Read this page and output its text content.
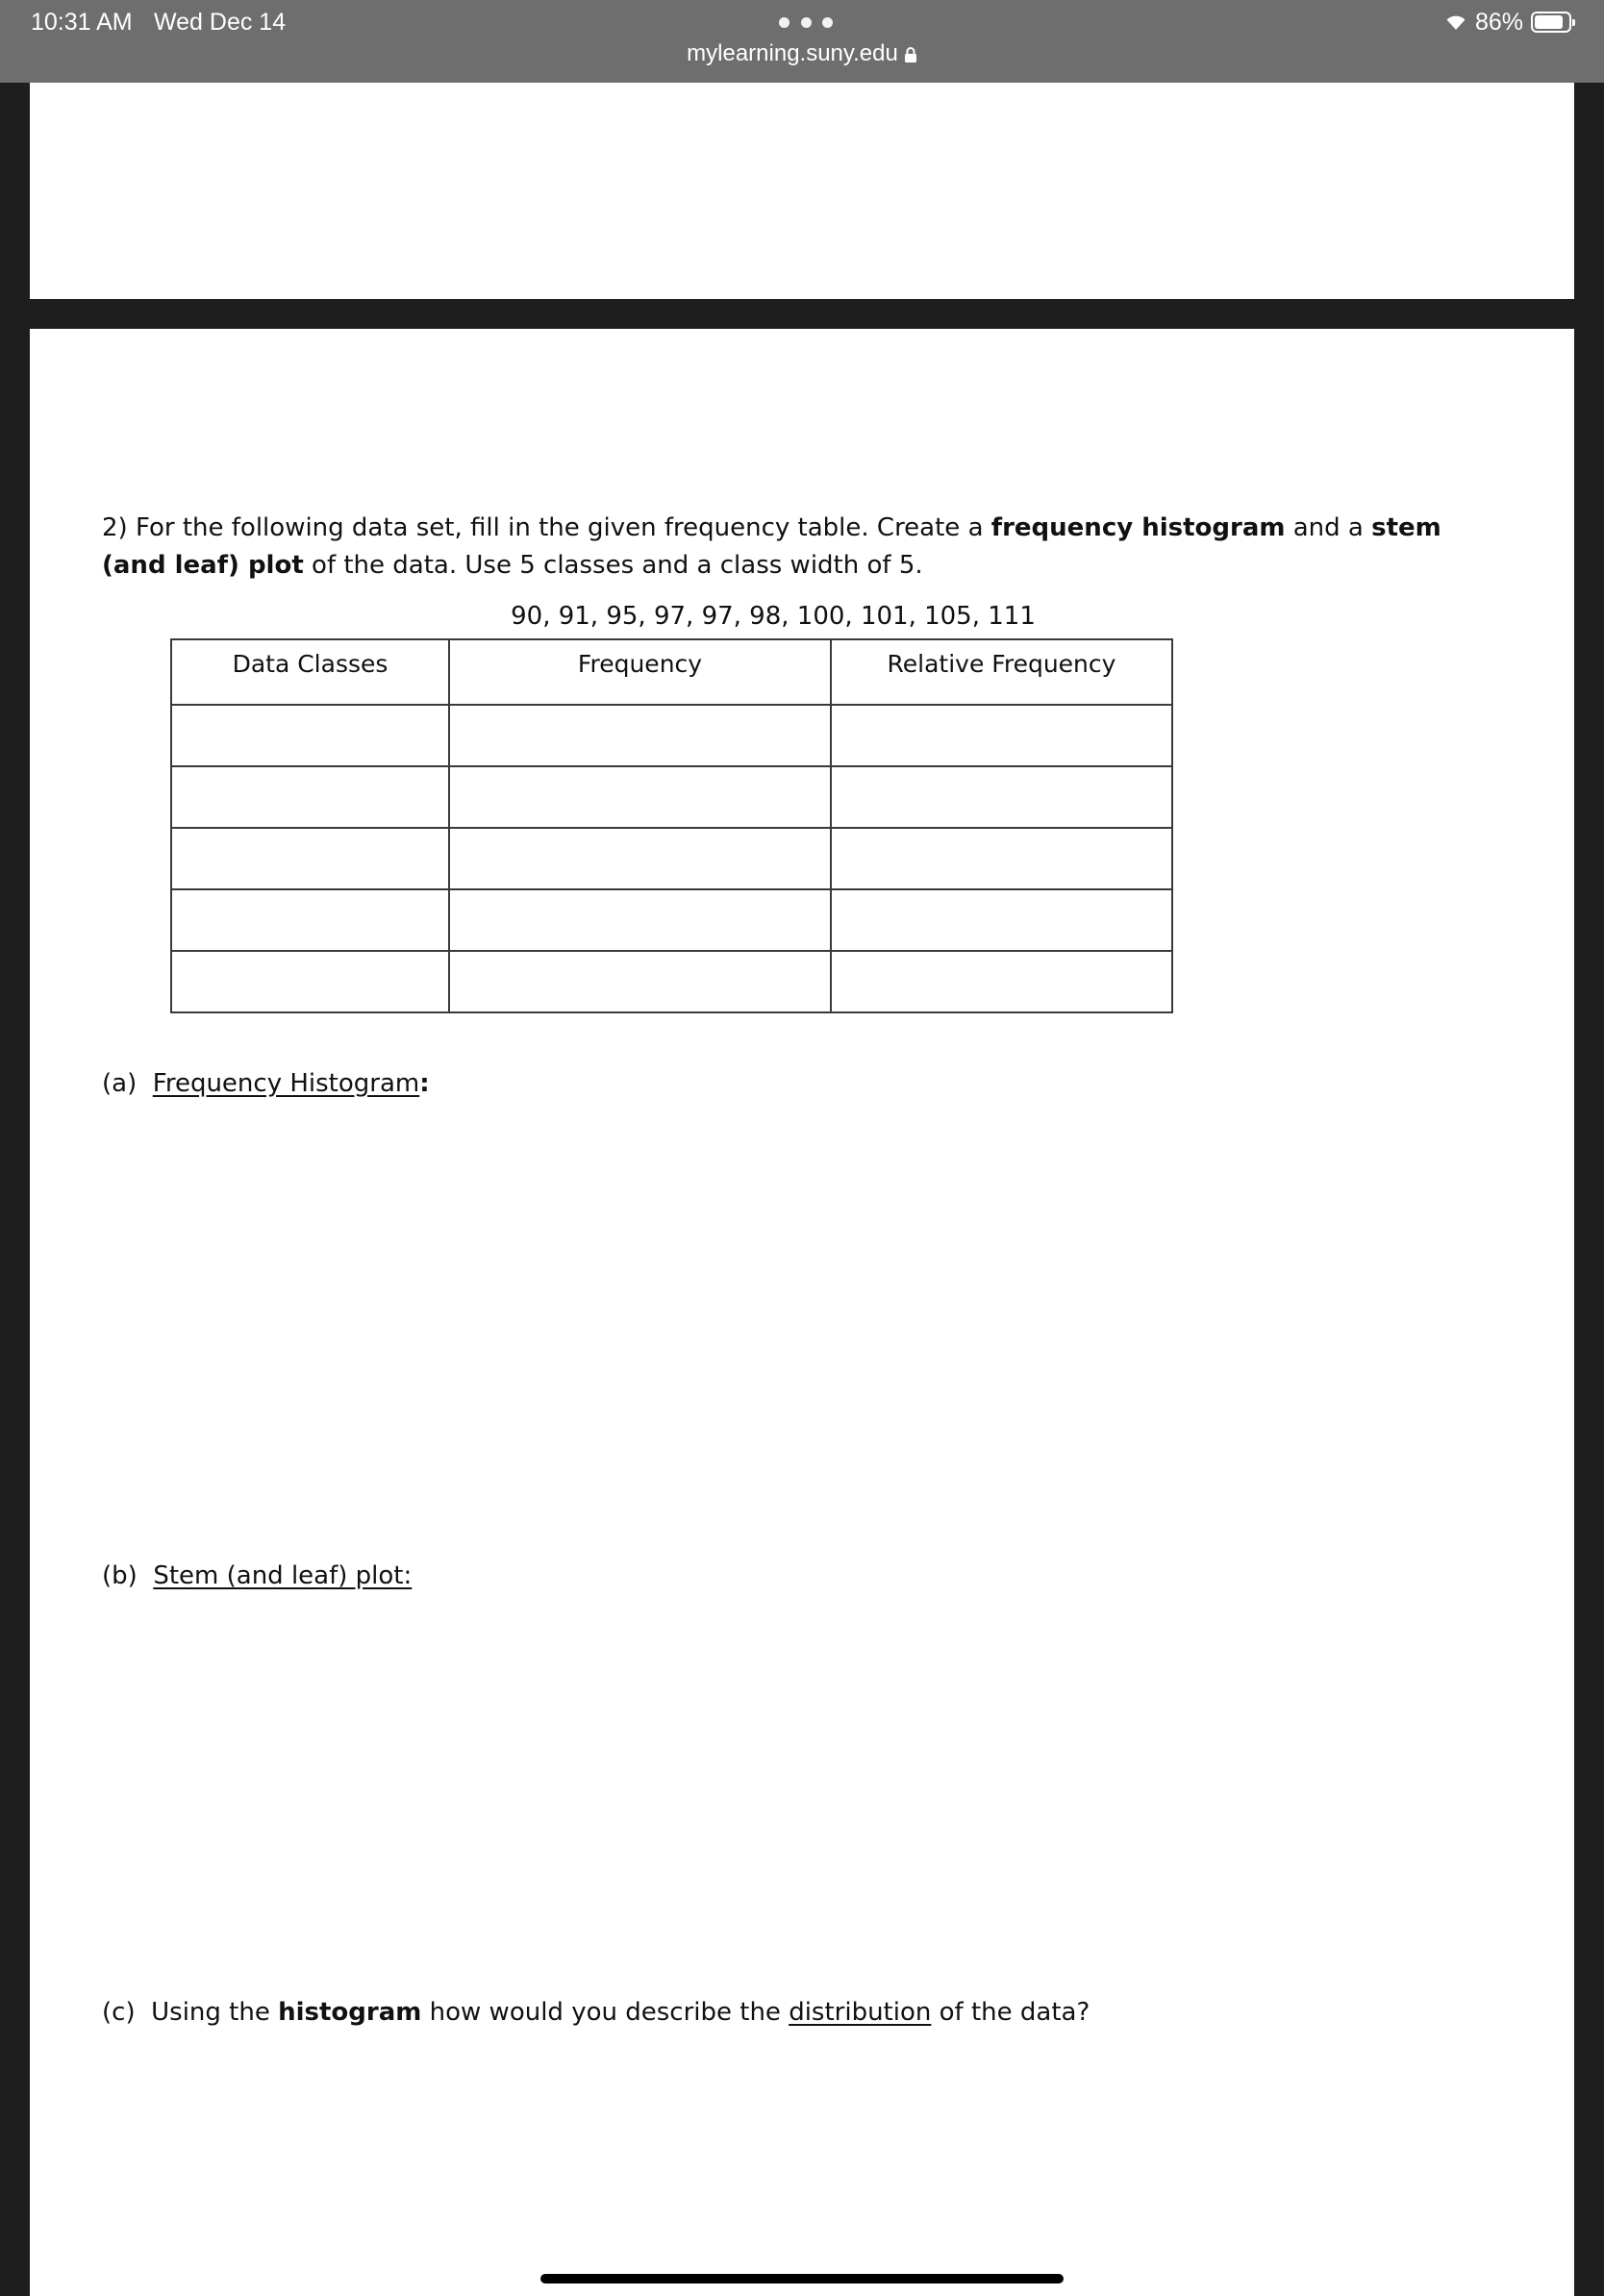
10:31 AM Wed Dec 14
mylearning.suny.edu
86%
2) For the following data set, fill in the given frequency table. Create a frequency histogram and a stem (and leaf) plot of the data. Use 5 classes and a class width of 5.
90, 91, 95, 97, 97, 98, 100, 101, 105, 111
Data Classes	Frequency	Relative Frequency

(a) Frequency Histogram:
(b) Stem (and leaf) plot:
(c) Using the histogram how would you describe the distribution of the data?
